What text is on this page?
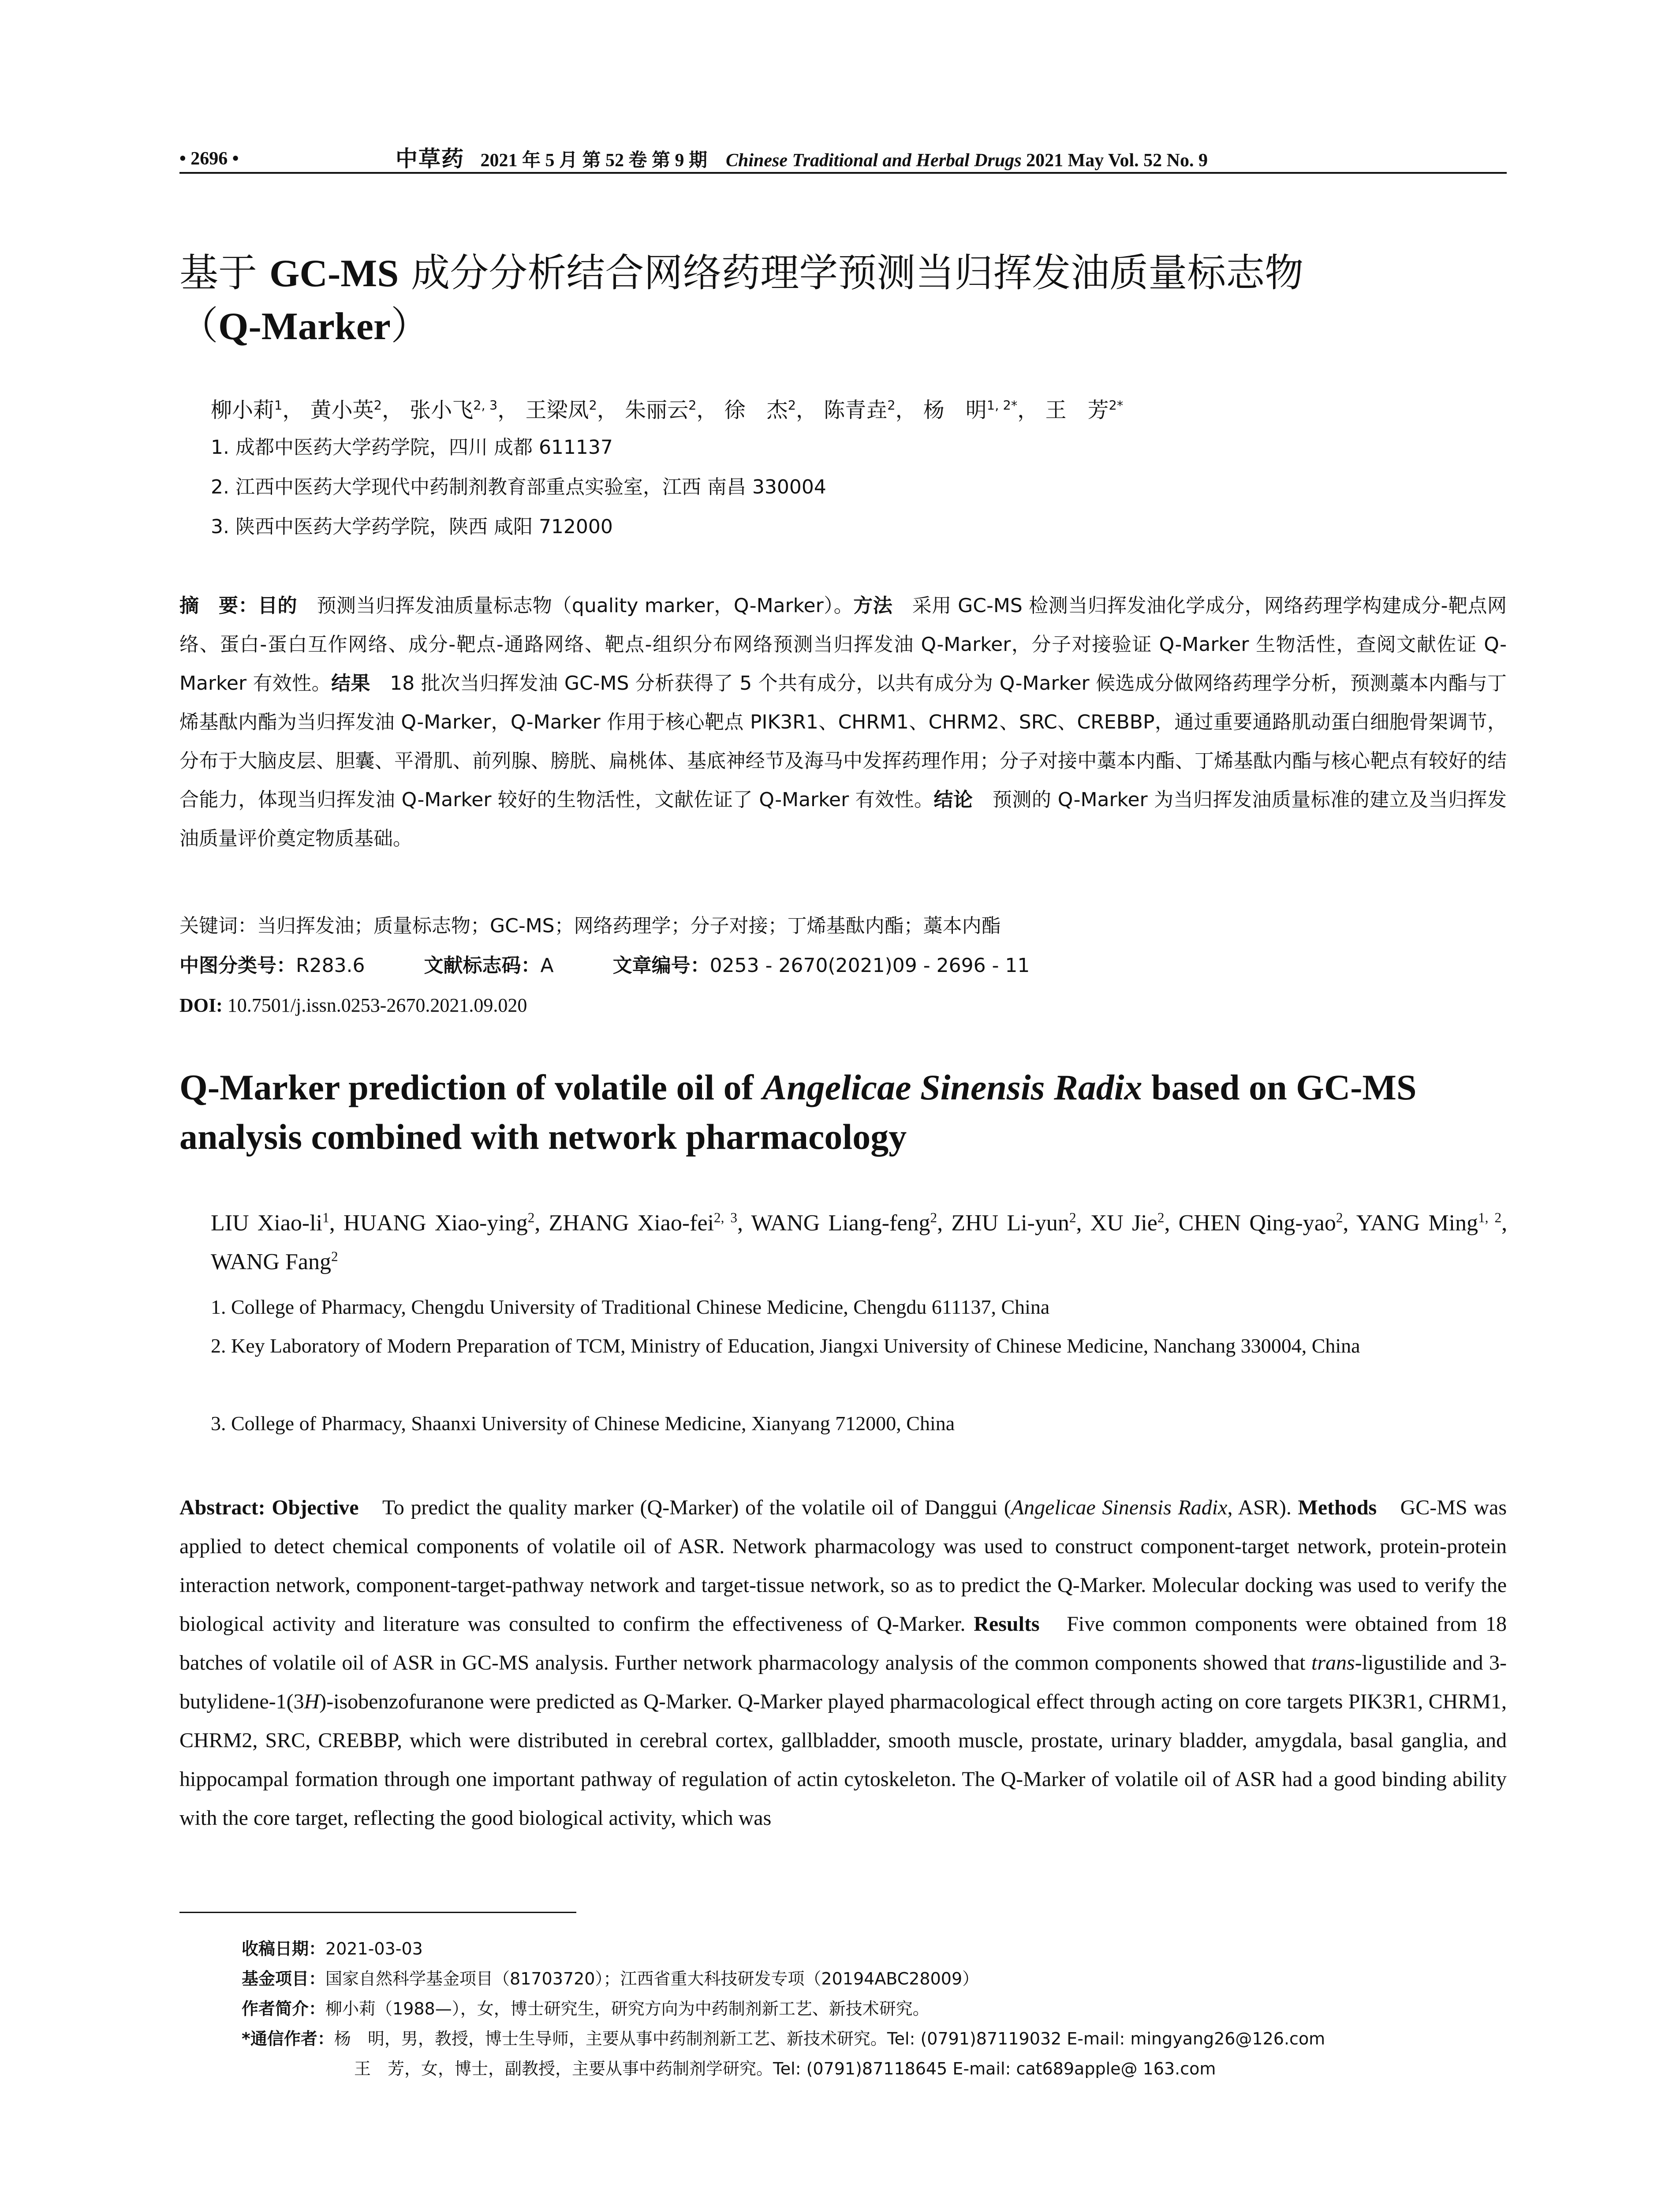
• 2696 •	中草药 2021 年 5 月 第 52 卷 第 9 期 Chinese Traditional and Herbal Drugs 2021 May Vol. 52 No. 9
基于 GC-MS 成分分析结合网络药理学预测当归挥发油质量标志物
（Q-Marker）
柳小莉$^1$， 黄小英$^2$， 张小飞$^{2, 3}$， 王梁凤$^2$， 朱丽云$^2$， 徐　杰$^2$， 陈青垚$^2$， 杨　明$^{1, 2*}$， 王　芳$^{2*}$
1. 成都中医药大学药学院，四川 成都 611137
2. 江西中医药大学现代中药制剂教育部重点实验室，江西 南昌 330004
3. 陕西中医药大学药学院，陕西 咸阳 712000
摘　要：目的　预测当归挥发油质量标志物（quality marker，Q-Marker）。方法　采用 GC-MS 检测当归挥发油化学成分，网络药理学构建成分-靶点网络、蛋白-蛋白互作网络、成分-靶点-通路网络、靶点-组织分布网络预测当归挥发油 Q-Marker，分子对接验证 Q-Marker 生物活性，查阅文献佐证 Q-Marker 有效性。结果　18 批次当归挥发油 GC-MS 分析获得了 5 个共有成分，以共有成分为 Q-Marker 候选成分做网络药理学分析，预测藁本内酯与丁烯基酞内酯为当归挥发油 Q-Marker，Q-Marker 作用于核心靶点 PIK3R1、CHRM1、CHRM2、SRC、CREBBP，通过重要通路肌动蛋白细胞骨架调节，分布于大脑皮层、胆囊、平滑肌、前列腺、膀胱、扁桃体、基底神经节及海马中发挥药理作用；分子对接中藁本内酯、丁烯基酞内酯与核心靶点有较好的结合能力，体现当归挥发油 Q-Marker 较好的生物活性，文献佐证了 Q-Marker 有效性。结论　预测的 Q-Marker 为当归挥发油质量标准的建立及当归挥发油质量评价奠定物质基础。
关键词：当归挥发油；质量标志物；GC-MS；网络药理学；分子对接；丁烯基酞内酯；藁本内酯
中图分类号：R283.6	文献标志码：A	文章编号：0253 - 2670(2021)09 - 2696 - 11
DOI: 10.7501/j.issn.0253-2670.2021.09.020
Q-Marker prediction of volatile oil of Angelicae Sinensis Radix based on GC-MS analysis combined with network pharmacology
LIU Xiao-$li^1$, HUANG Xiao-ying$^2$, ZHANG Xiao-fei$^{2, 3}$, WANG Liang-feng$^2$, ZHU Li-yun$^2$, XU Jie$^2$, CHEN Qing-yao$^2$, YANG Ming$^{1, 2}$, WANG Fang$^2$
1. College of Pharmacy, Chengdu University of Traditional Chinese Medicine, Chengdu 611137, China
2. Key Laboratory of Modern Preparation of TCM, Ministry of Education, Jiangxi University of Chinese Medicine, Nanchang 330004, China
3. College of Pharmacy, Shaanxi University of Chinese Medicine, Xianyang 712000, China
Abstract: Objective　To predict the quality marker (Q-Marker) of the volatile oil of Danggui (Angelicae Sinensis Radix, ASR). Methods　GC-MS was applied to detect chemical components of volatile oil of ASR. Network pharmacology was used to construct component-target network, protein-protein interaction network, component-target-pathway network and target-tissue network, so as to predict the Q-Marker. Molecular docking was used to verify the biological activity and literature was consulted to confirm the effectiveness of Q-Marker. Results　Five common components were obtained from 18 batches of volatile oil of ASR in GC-MS analysis. Further network pharmacology analysis of the common components showed that trans-ligustilide and 3-butylidene-1(3H)-isobenzofuranone were predicted as Q-Marker. Q-Marker played pharmacological effect through acting on core targets PIK3R1, CHRM1, CHRM2, SRC, CREBBP, which were distributed in cerebral cortex, gallbladder, smooth muscle, prostate, urinary bladder, amygdala, basal ganglia, and hippocampal formation through one important pathway of regulation of actin cytoskeleton. The Q-Marker of volatile oil of ASR had a good binding ability with the core target, reflecting the good biological activity, which was
收稿日期：2021-03-03
基金项目：国家自然科学基金项目（81703720）；江西省重大科技研发专项（20194ABC28009）
作者简介：柳小莉（1988—），女，博士研究生，研究方向为中药制剂新工艺、新技术研究。
*通信作者：杨　明，男，教授，博士生导师，主要从事中药制剂新工艺、新技术研究。Tel: (0791)87119032 E-mail: mingyang26@126.com
王　芳，女，博士，副教授，主要从事中药制剂学研究。Tel: (0791)87118645 E-mail: cat689apple@ 163.com
